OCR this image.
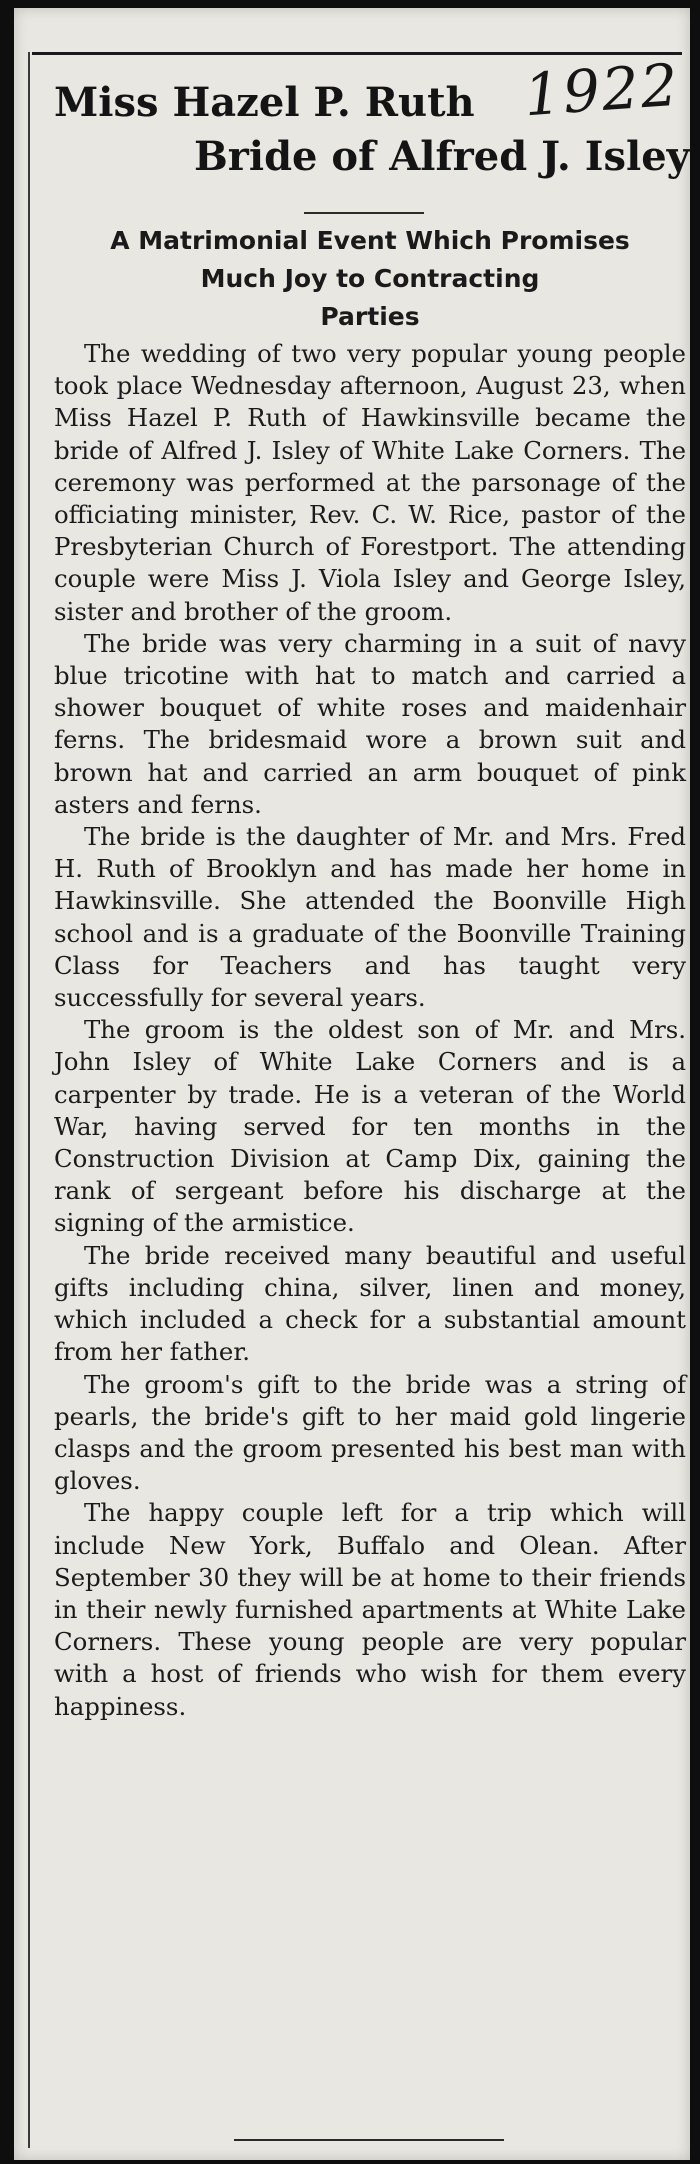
1922
Miss Hazel P. Ruth
Bride of Alfred J. Isley
A Matrimonial Event Which Promises
Much Joy to Contracting
Parties

The wedding of two very popular young people took place Wednesday afternoon, August 23, when Miss Hazel P. Ruth of Hawkinsville became the bride of Alfred J. Isley of White Lake Corners. The ceremony was performed at the parsonage of the officiating minister, Rev. C. W. Rice, pastor of the Presbyterian Church of Forestport. The attending couple were Miss J. Viola Isley and George Isley, sister and brother of the groom.

The bride was very charming in a suit of navy blue tricotine with hat to match and carried a shower bouquet of white roses and maidenhair ferns. The bridesmaid wore a brown suit and brown hat and carried an arm bouquet of pink asters and ferns.

The bride is the daughter of Mr. and Mrs. Fred H. Ruth of Brooklyn and has made her home in Hawkinsville. She attended the Boonville High school and is a graduate of the Boonville Training Class for Teachers and has taught very successfully for several years.

The groom is the oldest son of Mr. and Mrs. John Isley of White Lake Corners and is a carpenter by trade. He is a veteran of the World War, having served for ten months in the Construction Division at Camp Dix, gaining the rank of sergeant before his discharge at the signing of the armistice.

The bride received many beautiful and useful gifts including china, silver, linen and money, which included a check for a substantial amount from her father.

The groom's gift to the bride was a string of pearls, the bride's gift to her maid gold lingerie clasps and the groom presented his best man with gloves.

The happy couple left for a trip which will include New York, Buffalo and Olean. After September 30 they will be at home to their friends in their newly furnished apartments at White Lake Corners. These young people are very popular with a host of friends who wish for them every happiness.
